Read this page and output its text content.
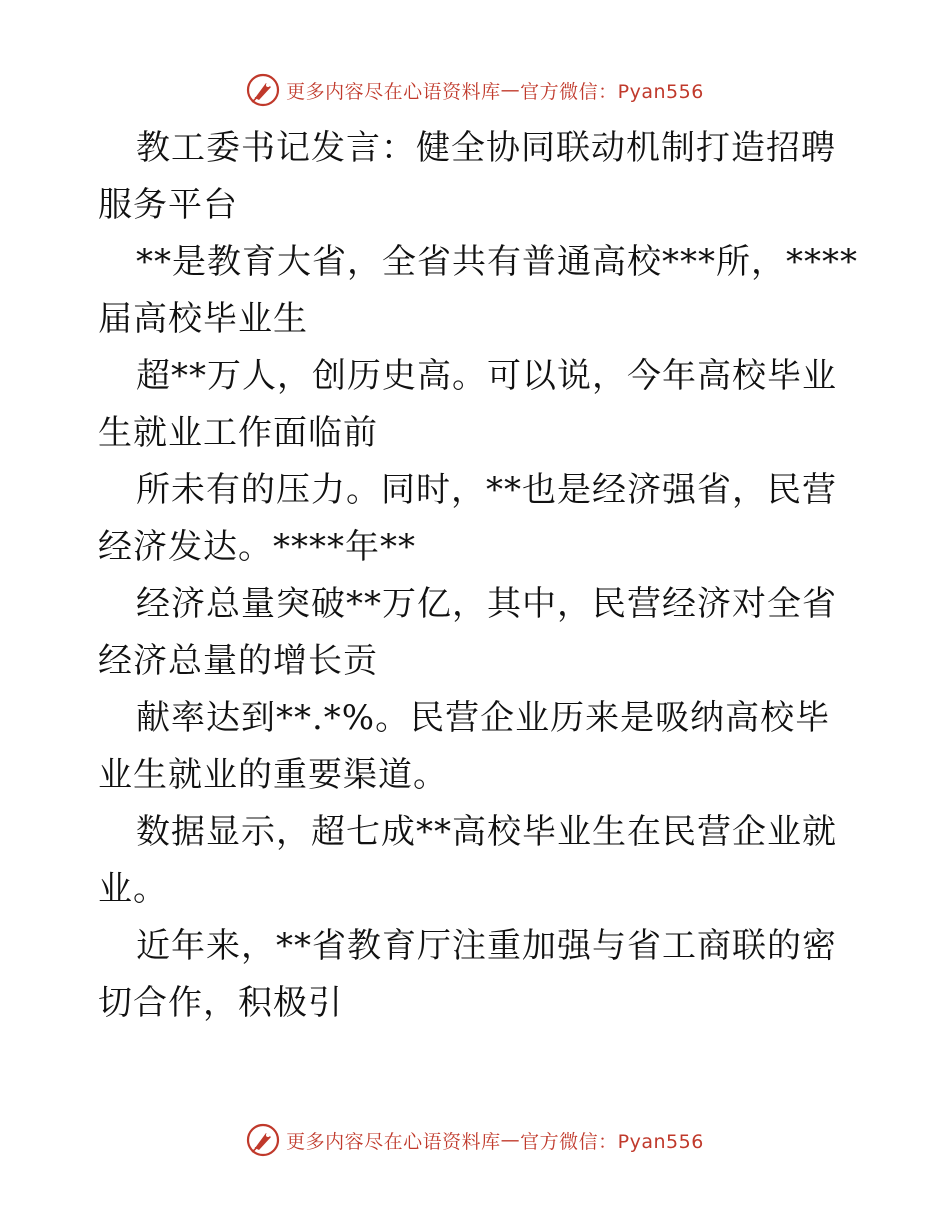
更多内容尽在心语资料库 — 官方微信：Pyan556

教工委书记发言：健全协同联动机制打造招聘服务平台

**是教育大省，全省共有普通高校***所，****届高校毕业生

超**万人，创历史高。可以说，今年高校毕业生就业工作面临前

所未有的压力。同时，**也是经济强省，民营经济发达。****年**

经济总量突破**万亿，其中，民营经济对全省经济总量的增长贡

献率达到**.*%。民营企业历来是吸纳高校毕业生就业的重要渠道。

数据显示，超七成**高校毕业生在民营企业就业。

近年来，**省教育厅注重加强与省工商联的密切合作，积极引

更多内容尽在心语资料库 — 官方微信：Pyan556
